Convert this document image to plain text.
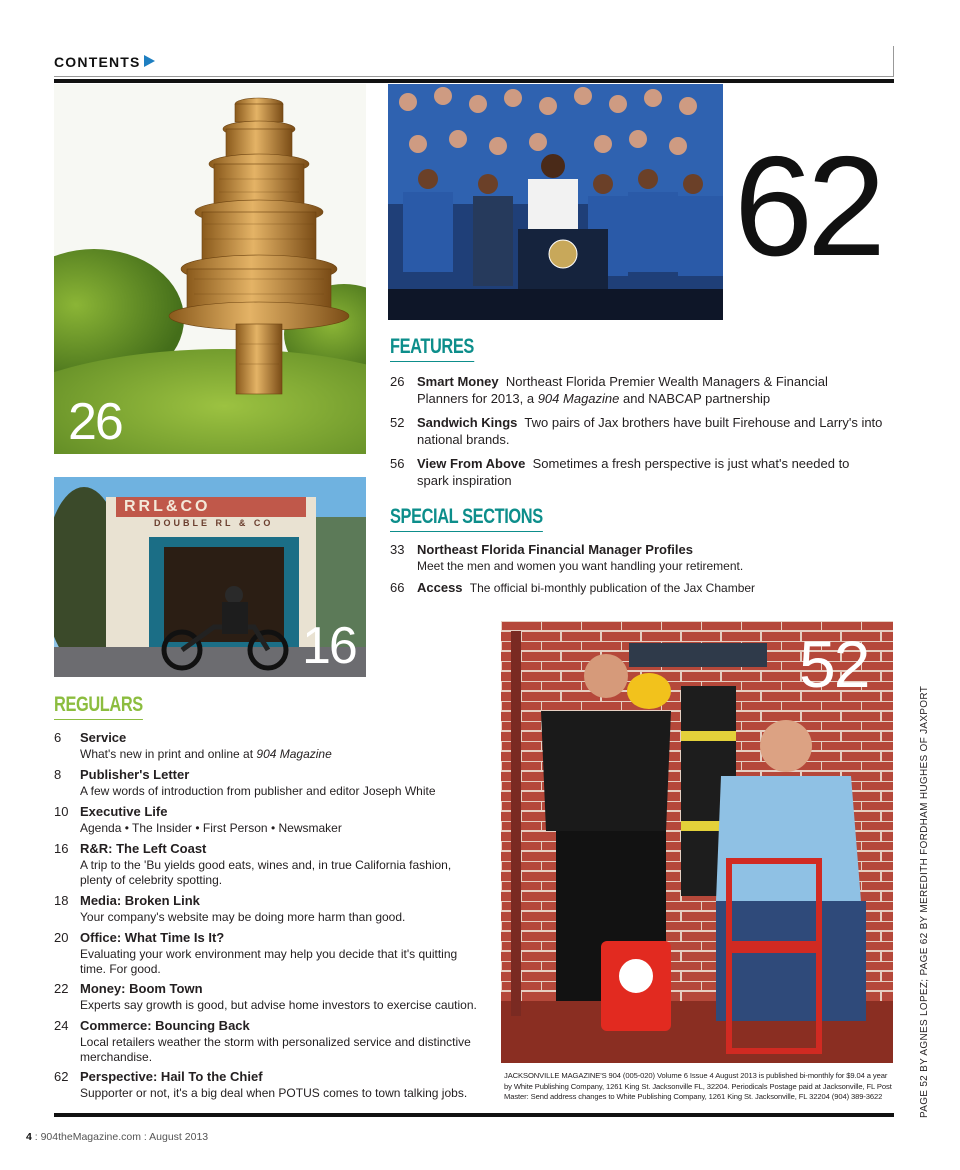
CONTENTS
26
62
RRL&CO
DOUBLE RL & CO
16	52
FEATURES
26 Smart Money Northeast Florida Premier Wealth Managers & Financial Planners for 2013, a 904 Magazine and NABCAP partnership
52 Sandwich Kings Two pairs of Jax brothers have built Firehouse and Larry's into national brands.
56 View From Above Sometimes a fresh perspective is just what's needed to spark inspiration
SPECIAL SECTIONS
33 Northeast Florida Financial Manager Profiles
Meet the men and women you want handling your retirement.
66 Access The official bi-monthly publication of the Jax Chamber
REGULARS
6 Service
What's new in print and online at 904 Magazine
8 Publisher's Letter
A few words of introduction from publisher and editor Joseph White
10 Executive Life
Agenda • The Insider • First Person • Newsmaker
16 R&R: The Left Coast
A trip to the 'Bu yields good eats, wines and, in true California fashion, plenty of celebrity spotting.
18 Media: Broken Link
Your company's website may be doing more harm than good.
20 Office: What Time Is It?
Evaluating your work environment may help you decide that it's quitting time. For good.
22 Money: Boom Town
Experts say growth is good, but advise home investors to exercise caution.
24 Commerce: Bouncing Back
Local retailers weather the storm with personalized service and distinctive merchandise.
62 Perspective: Hail To the Chief
Supporter or not, it's a big deal when POTUS comes to town talking jobs.
JACKSONVILLE MAGAZINE'S 904 (005-020) Volume 6 Issue 4 August 2013 is published bi-monthly for $9.04 a year by White Publishing Company, 1261 King St. Jacksonville FL, 32204. Periodicals Postage paid at Jacksonville, FL Post Master: Send address changes to White Publishing Company, 1261 King St. Jacksonville, FL 32204 (904) 389-3622	PAGE 52 BY AGNES LOPEZ; PAGE 62 BY MEREDITH FORDHAM HUGHES OF JAXPORT
4 : 904theMagazine.com : August 2013
